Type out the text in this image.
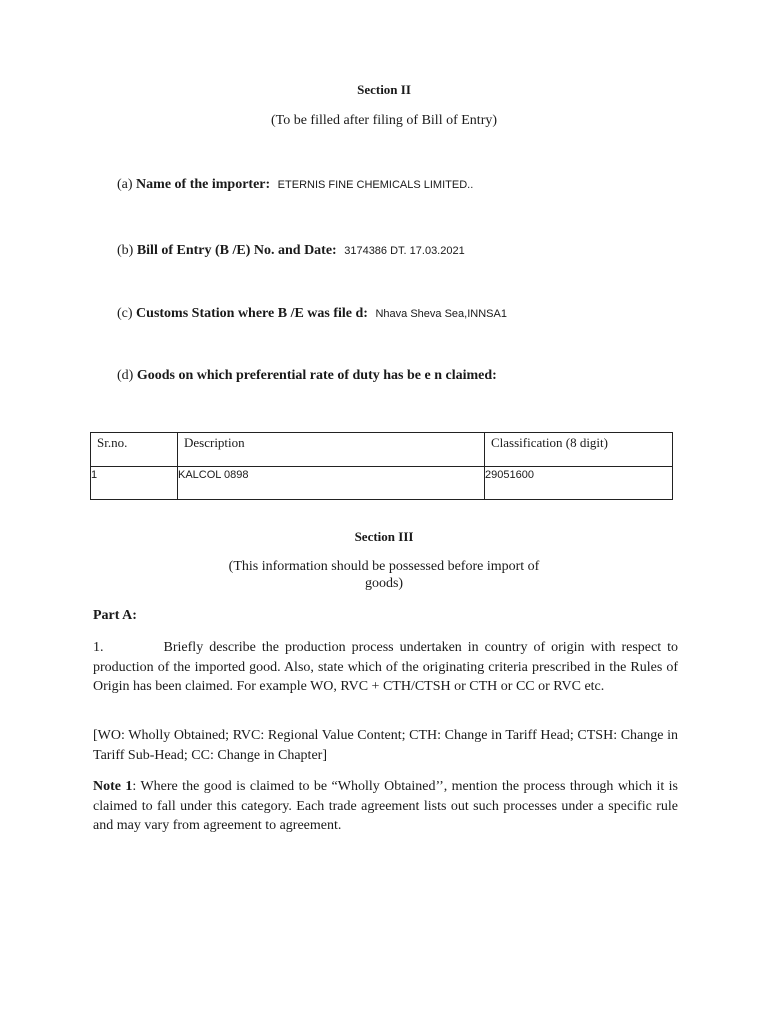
Section II
(To be filled after filing of Bill of Entry)
(a) Name of the importer: ETERNIS FINE CHEMICALS LIMITED..
(b) Bill of Entry (B /E) No. and Date: 3174386 DT. 17.03.2021
(c) Customs Station where B /E was file d: Nhava Sheva Sea,INNSA1
(d) Goods on which preferential rate of duty has be e n claimed:
Sr.no.	Description	Classification (8 digit)
1	KALCOL 0898	29051600
Section III
(This information should be possessed before import of
goods)
Part A:
1.          Briefly describe the production process undertaken in country of origin with respect to production of the imported good. Also, state which of the originating criteria prescribed in the Rules of Origin has been claimed. For example WO, RVC + CTH/CTSH or CTH or CC or RVC etc.
[WO: Wholly Obtained; RVC: Regional Value Content; CTH: Change in Tariff Head; CTSH: Change in Tariff Sub-Head; CC: Change in Chapter]
Note 1: Where the good is claimed to be “Wholly Obtained’’, mention the process through which it is claimed to fall under this category. Each trade agreement lists out such processes under a specific rule and may vary from agreement to agreement.
